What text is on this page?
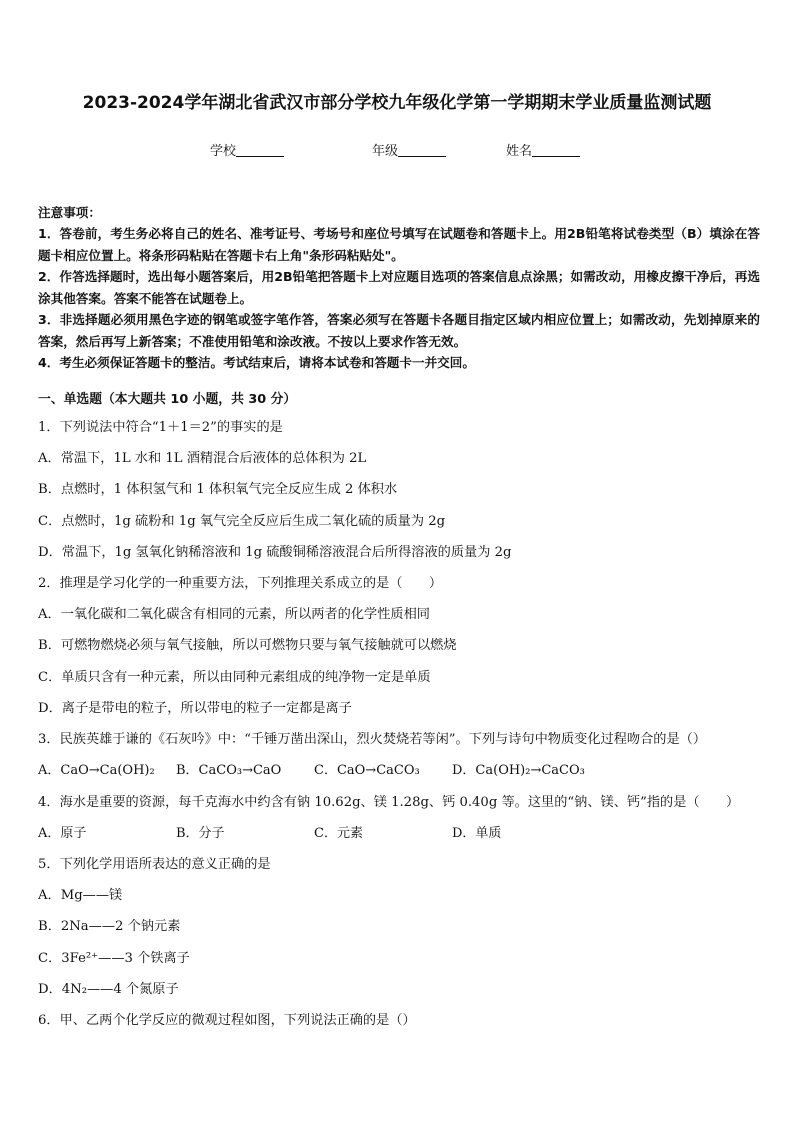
2023-2024学年湖北省武汉市部分学校九年级化学第一学期期末学业质量监测试题
学校	年级	姓名
注意事项：

1．答卷前，考生务必将自己的姓名、准考证号、考场号和座位号填写在试题卷和答题卡上。用2B铅笔将试卷类型（B）填涂在答题卡相应位置上。将条形码粘贴在答题卡右上角"条形码粘贴处"。

2．作答选择题时，选出每小题答案后，用2B铅笔把答题卡上对应题目选项的答案信息点涂黑；如需改动，用橡皮擦干净后，再选涂其他答案。答案不能答在试题卷上。

3．非选择题必须用黑色字迹的钢笔或签字笔作答，答案必须写在答题卡各题目指定区域内相应位置上；如需改动，先划掉原来的答案，然后再写上新答案；不准使用铅笔和涂改液。不按以上要求作答无效。

4．考生必须保证答题卡的整洁。考试结束后，请将本试卷和答题卡一并交回。

一、单选题（本大题共 10 小题，共 30 分）
1．下列说法中符合“1＋1＝2”的事实的是
A．常温下，1L 水和 1L 酒精混合后液体的总体积为 2L
B．点燃时，1 体积氢气和 1 体积氧气完全反应生成 2 体积水
C．点燃时，1g 硫粉和 1g 氧气完全反应后生成二氧化硫的质量为 2g
D．常温下，1g 氢氧化钠稀溶液和 1g 硫酸铜稀溶液混合后所得溶液的质量为 2g
2．推理是学习化学的一种重要方法，下列推理关系成立的是（　　）
A．一氧化碳和二氧化碳含有相同的元素，所以两者的化学性质相同
B．可燃物燃烧必须与氧气接触，所以可燃物只要与氧气接触就可以燃烧
C．单质只含有一种元素，所以由同种元素组成的纯净物一定是单质
D．离子是带电的粒子，所以带电的粒子一定都是离子
3．民族英雄于谦的《石灰吟》中：“千锤万凿出深山，烈火焚烧若等闲”。下列与诗句中物质变化过程吻合的是（）
A．CaO→Ca(OH)₂ B．CaCO₃→CaO	C．CaO→CaCO₃ D．Ca(OH)₂→CaCO₃
4．海水是重要的资源，每千克海水中约含有钠 10.62g、镁 1.28g、钙 0.40g 等。这里的“钠、镁、钙”指的是（　　）
A．原子	B．分子	C．元素	D．单质
5．下列化学用语所表达的意义正确的是
A．Mg——镁
B．2Na——2 个钠元素
C．3Fe²⁺——3 个铁离子
D．4N₂——4 个氮原子
6．甲、乙两个化学反应的微观过程如图，下列说法正确的是（）
